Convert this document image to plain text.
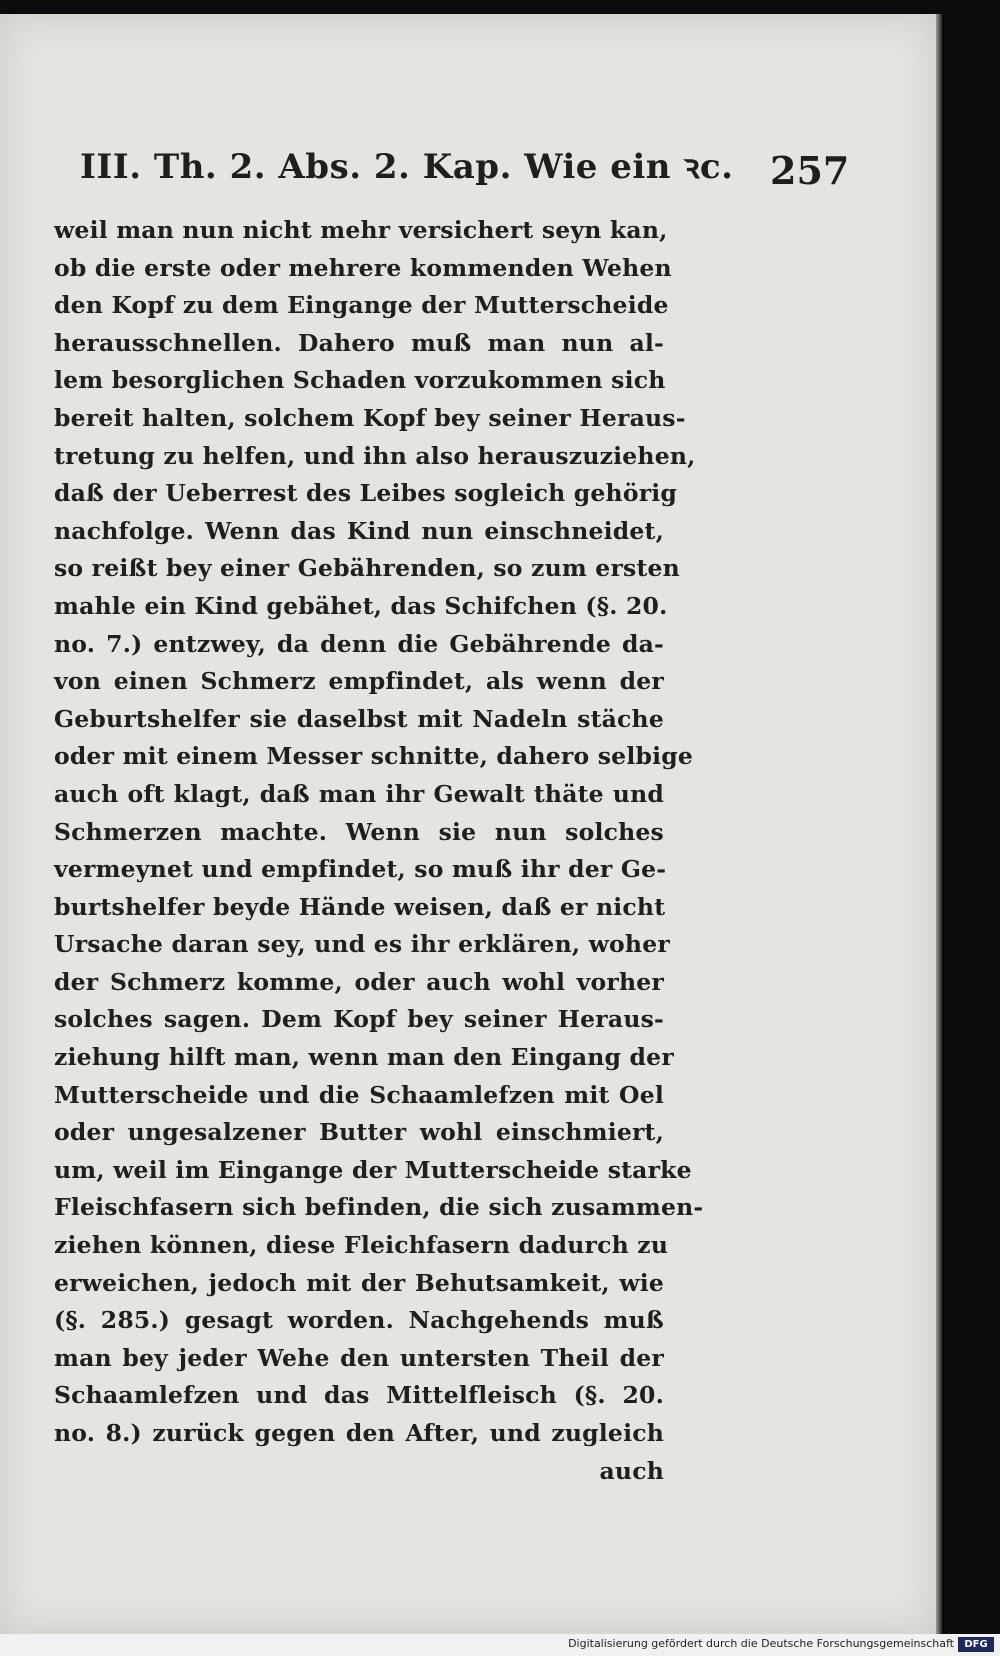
III. Th. 2. Abs. 2. Kap. Wie ein ꝛc. 257
weil man nun nicht mehr versichert seyn kan,
ob die erste oder mehrere kommenden Wehen
den Kopf zu dem Eingange der Mutterscheide
herausschnellen. Dahero muß man nun al-
lem besorglichen Schaden vorzukommen sich
bereit halten, solchem Kopf bey seiner Heraus-
tretung zu helfen, und ihn also herauszuziehen,
daß der Ueberrest des Leibes sogleich gehörig
nachfolge. Wenn das Kind nun einschneidet,
so reißt bey einer Gebährenden, so zum ersten
mahle ein Kind gebähet, das Schifchen (§. 20.
no. 7.) entzwey, da denn die Gebährende da-
von einen Schmerz empfindet, als wenn der
Geburtshelfer sie daselbst mit Nadeln stäche
oder mit einem Messer schnitte, dahero selbige
auch oft klagt, daß man ihr Gewalt thäte und
Schmerzen machte. Wenn sie nun solches
vermeynet und empfindet, so muß ihr der Ge-
burtshelfer beyde Hände weisen, daß er nicht
Ursache daran sey, und es ihr erklären, woher
der Schmerz komme, oder auch wohl vorher
solches sagen. Dem Kopf bey seiner Heraus-
ziehung hilft man, wenn man den Eingang der
Mutterscheide und die Schaamlefzen mit Oel
oder ungesalzener Butter wohl einschmiert,
um, weil im Eingange der Mutterscheide starke
Fleischfasern sich befinden, die sich zusammen-
ziehen können, diese Fleichfasern dadurch zu
erweichen, jedoch mit der Behutsamkeit, wie
(§. 285.) gesagt worden. Nachgehends muß
man bey jeder Wehe den untersten Theil der
Schaamlefzen und das Mittelfleisch (§. 20.
no. 8.) zurück gegen den After, und zugleich
auch
Digitalisierung gefördert durch die Deutsche Forschungsgemeinschaft	DFG
